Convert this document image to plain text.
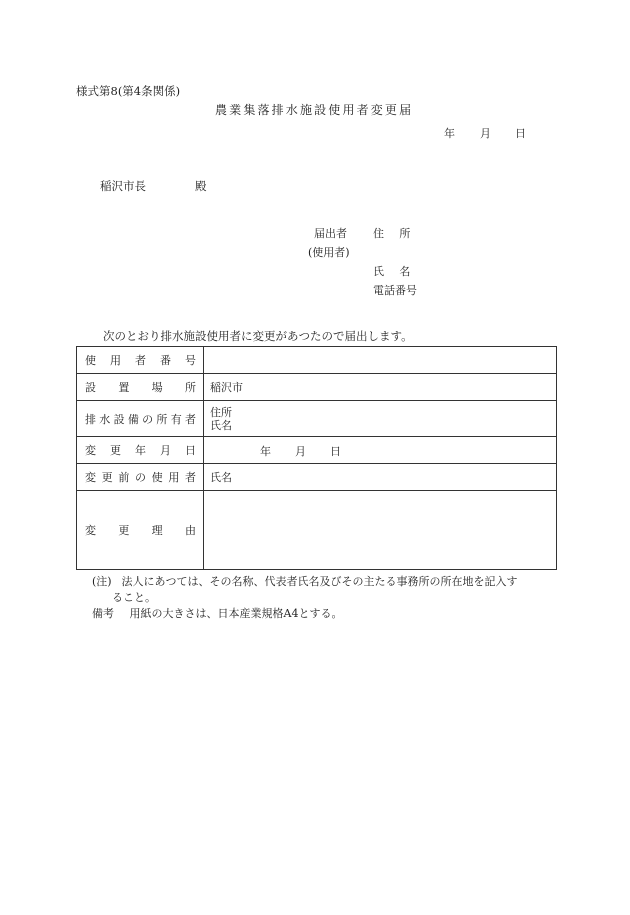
様式第8(第4条関係)
農業集落排水施設使用者変更届
年 月 日
稲沢市長	殿
届出者
(使用者)
住　所
氏　名
電話番号
次のとおり排水施設使用者に変更があつたので届出します。
使用者番号	
設置場所	稲沢市
排水設備の所有者	住所
氏名

変更年月日	年 月 日

変更前の使用者	氏名
変更理由	
(注) 法人にあつては、その名称、代表者氏名及びその主たる事務所の所在地を記入す
ること。
備考 用紙の大きさは、日本産業規格A4とする。
